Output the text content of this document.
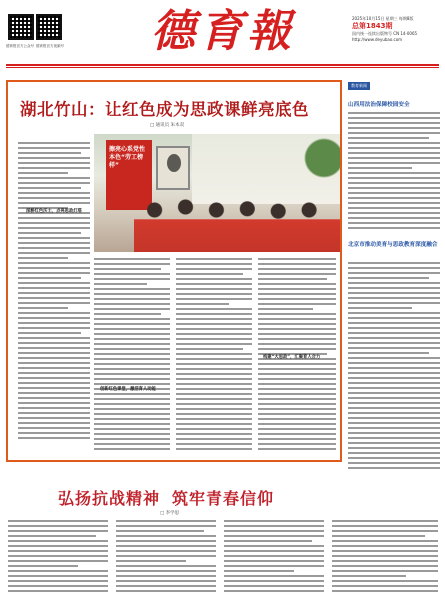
德育报官方公众号 德育报官方视频号	德育報	2025年10月15日 星期三 每期8版
总第1843期
国内统一连续出版物号 CN 14-0065
http://www.deyubao.com
湖北竹山：让红色成为思政课鲜亮底色
□ 通讯员 朱本双
擦亮心系党性本色“劳工榜样”
深耕红色沃土，点亮思政灯塔
创新红色课堂，激活育人动能
构建“大思政”，汇聚育人合力
教育新闻
山西用法治保障校园安全
北京市推动美育与思政教育深度融合
弘扬抗战精神 筑牢青春信仰
□ 李学思
